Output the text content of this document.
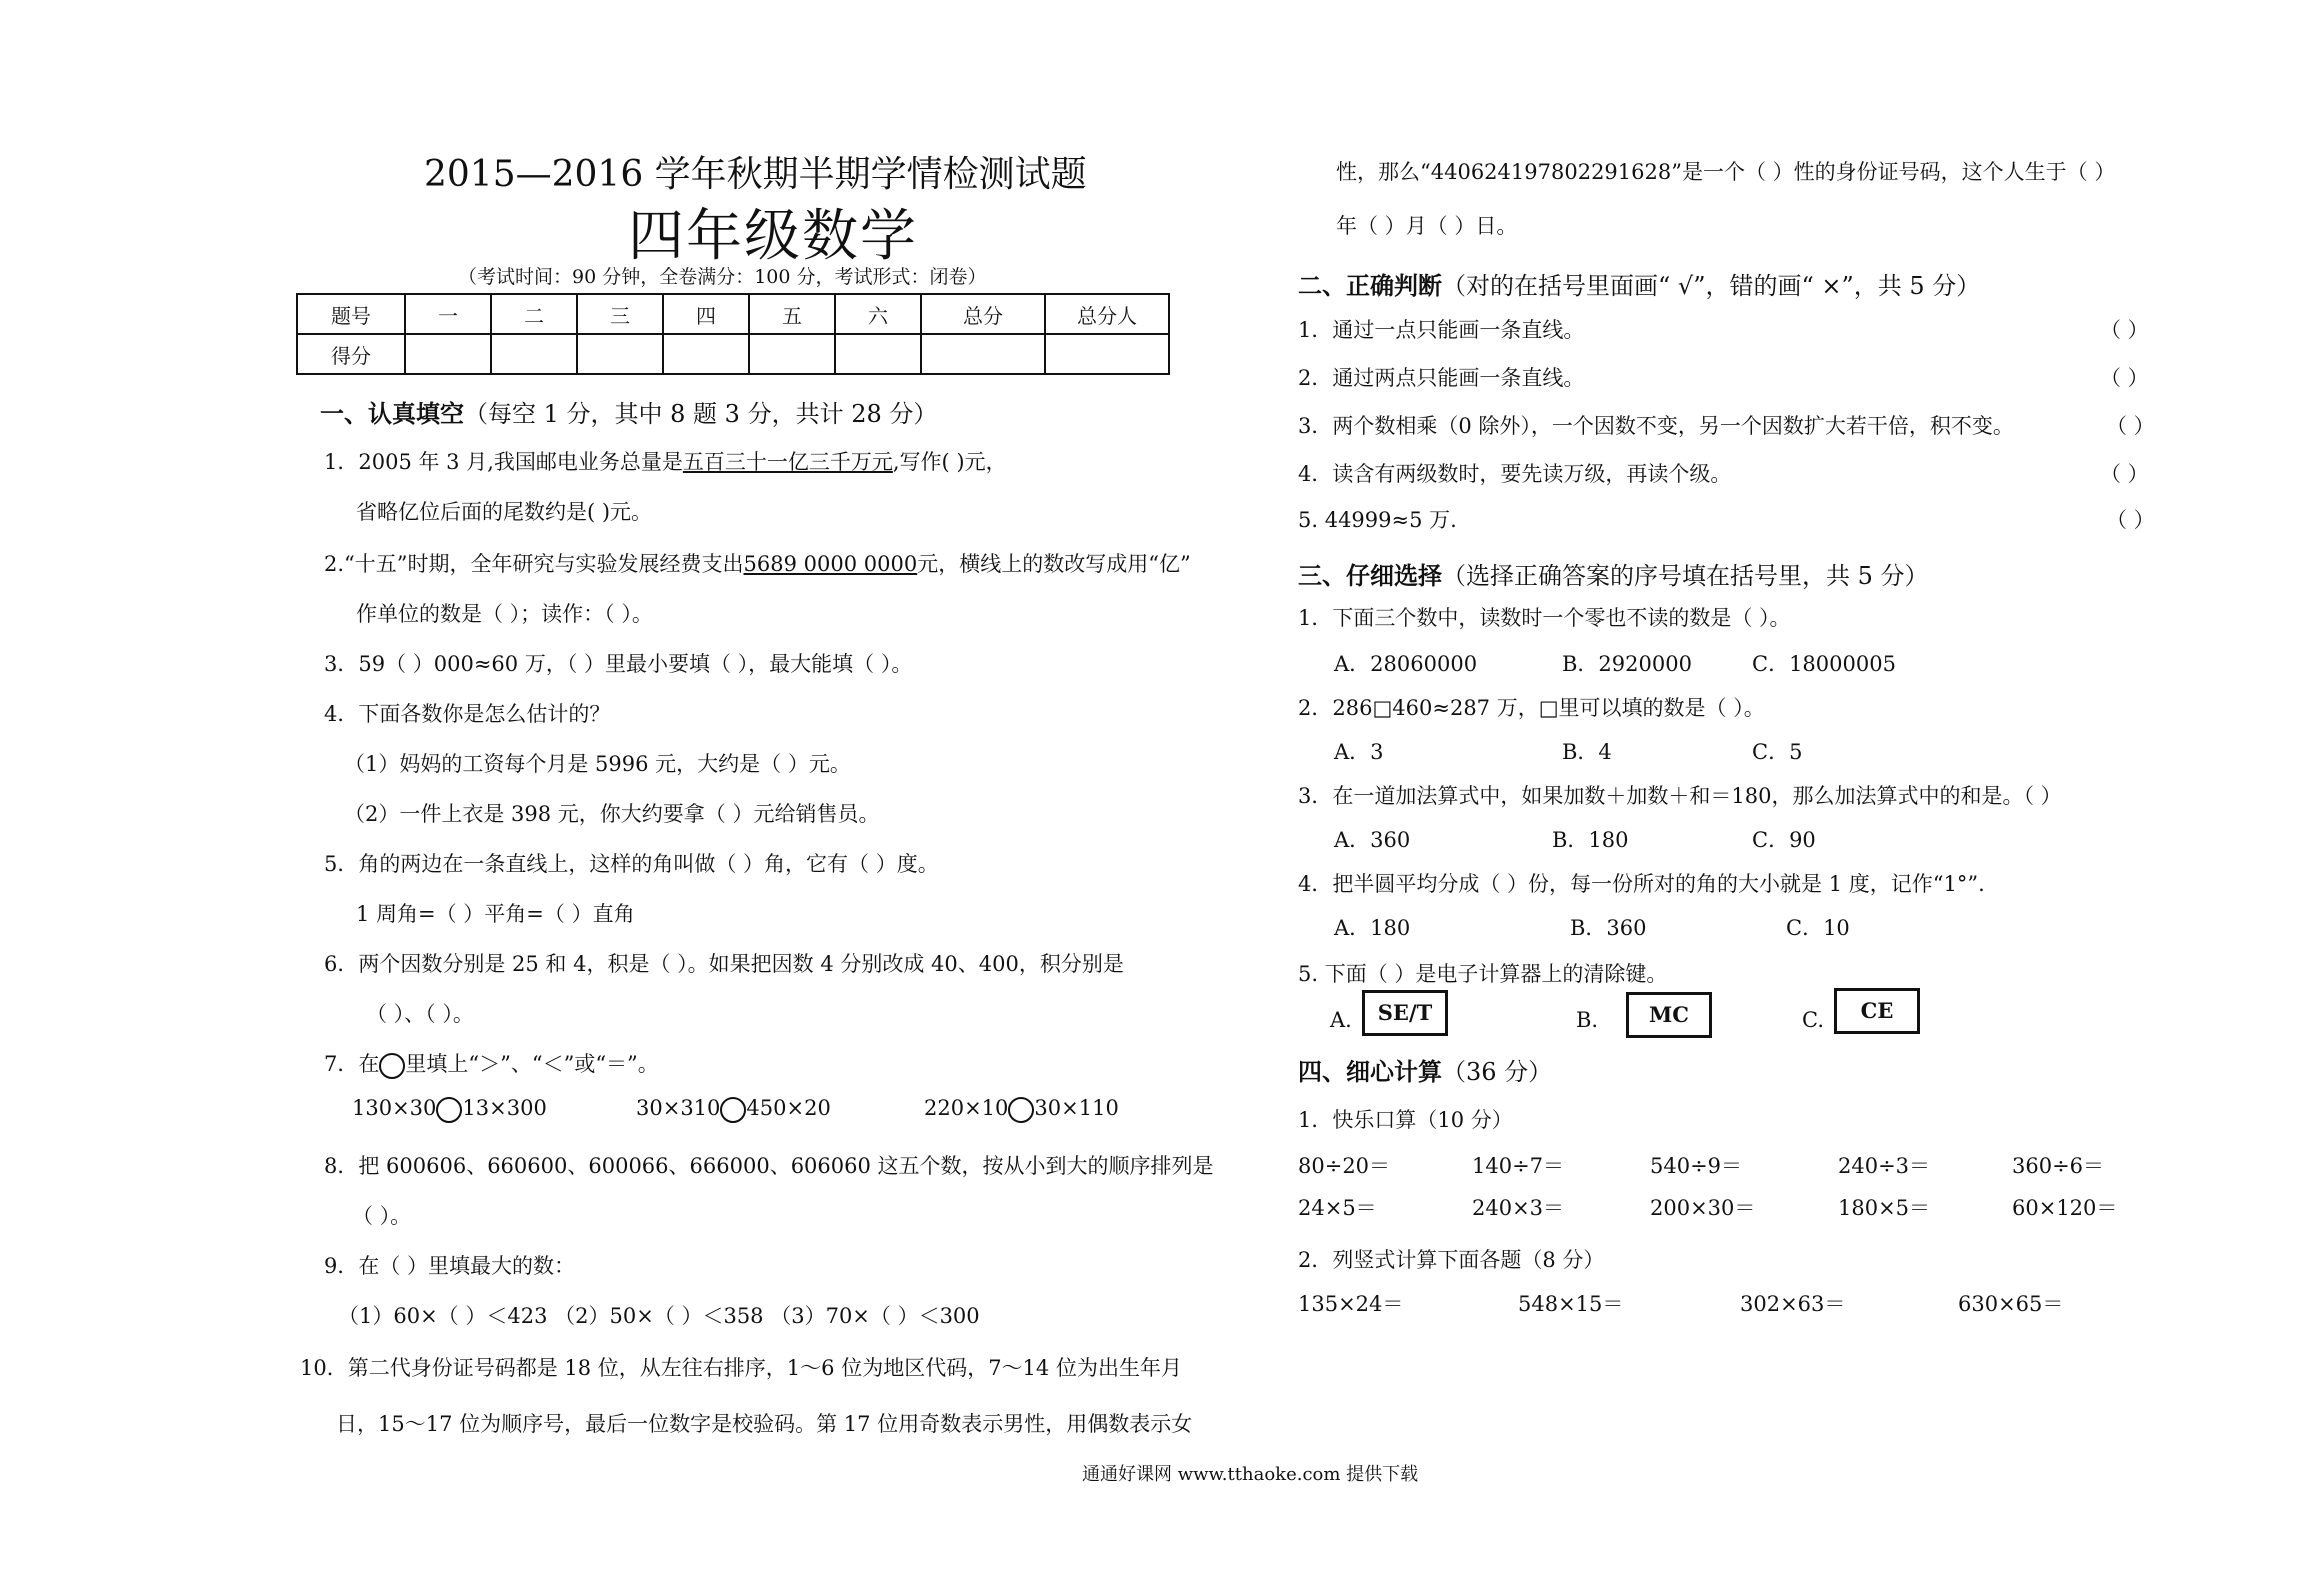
2015—2016 学年秋期半期学情检测试题
四年级数学
（考试时间：90 分钟，全卷满分：100 分，考试形式：闭卷）
题号	一	二	三	四	五	六	总分	总分人
得分								
一、认真填空（每空 1 分，其中 8 题 3 分，共计 28 分）
1．2005 年 3 月,我国邮电业务总量是五百三十一亿三千万元,写作( )元，
省略亿位后面的尾数约是( )元。
2.“十五”时期，全年研究与实验发展经费支出5689 0000 0000元，横线上的数改写成用“亿”
作单位的数是（ ）；读作：（ ）。
3．59（ ）000≈60 万，（ ）里最小要填（ ），最大能填（ ）。
4．下面各数你是怎么估计的？
（1）妈妈的工资每个月是 5996 元，大约是（ ）元。
（2）一件上衣是 398 元，你大约要拿（ ）元给销售员。
5．角的两边在一条直线上，这样的角叫做（ ）角，它有（ ）度。
1 周角=（ ）平角=（ ）直角
6．两个因数分别是 25 和 4，积是（ ）。如果把因数 4 分别改成 40、400，积分别是
（ ）、（ ）。
7．在 里填上“＞”、“＜”或“＝”。
130×30 13×300	30×310 450×20	220×10 30×110
8．把 600606、660600、600066、666000、606060 这五个数，按从小到大的顺序排列是
（ ）。
9．在（ ）里填最大的数：
（1）60×（ ）＜423 （2）50×（ ）＜358 （3）70×（ ）＜300
10．第二代身份证号码都是 18 位，从左往右排序，1～6 位为地区代码，7～14 位为出生年月
日，15～17 位为顺序号，最后一位数字是校验码。第 17 位用奇数表示男性，用偶数表示女
性，那么“440624197802291628”是一个（ ）性的身份证号码，这个人生于（ ）
年（ ）月（ ）日。
二、正确判断（对的在括号里面画“ √”，错的画“ ×”，共 5 分）
1．通过一点只能画一条直线。	（ ）
2．通过两点只能画一条直线。	（ ）
3．两个数相乘（0 除外），一个因数不变，另一个因数扩大若干倍，积不变。	（ ）
4．读含有两级数时，要先读万级，再读个级。	（ ）
5. 44999≈5 万.	（ ）
三、仔细选择（选择正确答案的序号填在括号里，共 5 分）
1．下面三个数中，读数时一个零也不读的数是（ ）。
A．28060000	B．2920000	C．18000005
2．286□460≈287 万，□里可以填的数是（ ）。
A．3	B．4	C．5
3．在一道加法算式中，如果加数＋加数＋和＝180，那么加法算式中的和是。（ ）
A．360	B．180	C．90
4．把半圆平均分成（ ）份，每一份所对的角的大小就是 1 度，记作“1°”.
A．180	B．360	C．10
5. 下面（ ）是电子计算器上的清除键。
A.	SE/T	B.	MC	C.	CE
四、细心计算（36 分）
1．快乐口算（10 分）
80÷20＝	140÷7＝	540÷9＝	240÷3＝	360÷6＝
24×5＝	240×3＝	200×30＝	180×5＝	60×120＝
2．列竖式计算下面各题（8 分）
135×24＝	548×15＝	302×63＝	630×65＝
通通好课网 www.tthaoke.com 提供下载
